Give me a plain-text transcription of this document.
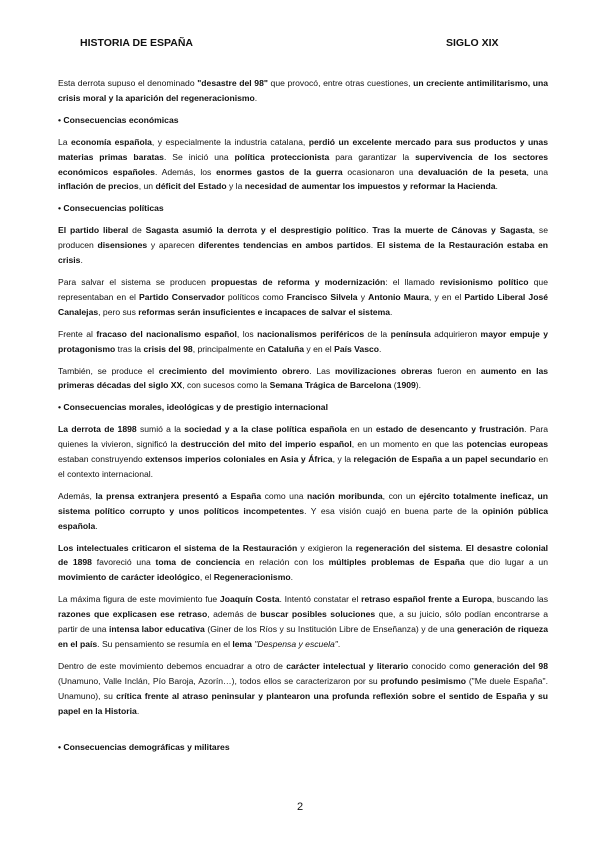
HISTORIA DE ESPAÑA	SIGLO XIX

Esta derrota supuso el denominado "desastre del 98" que provocó, entre otras cuestiones, un creciente antimilitarismo, una crisis moral y la aparición del regeneracionismo.

• Consecuencias económicas

La economía española, y especialmente la industria catalana, perdió un excelente mercado para sus productos y unas materias primas baratas. Se inició una política proteccionista para garantizar la supervivencia de los sectores económicos españoles. Además, los enormes gastos de la guerra ocasionaron una devaluación de la peseta, una inflación de precios, un déficit del Estado y la necesidad de aumentar los impuestos y reformar la Hacienda.

• Consecuencias políticas

El partido liberal de Sagasta asumió la derrota y el desprestigio político. Tras la muerte de Cánovas y Sagasta, se producen disensiones y aparecen diferentes tendencias en ambos partidos. El sistema de la Restauración estaba en crisis.

Para salvar el sistema se producen propuestas de reforma y modernización: el llamado revisionismo político que representaban en el Partido Conservador políticos como Francisco Silvela y Antonio Maura, y en el Partido Liberal José Canalejas, pero sus reformas serán insuficientes e incapaces de salvar el sistema.

Frente al fracaso del nacionalismo español, los nacionalismos periféricos de la península adquirieron mayor empuje y protagonismo tras la crisis del 98, principalmente en Cataluña y en el País Vasco.

También, se produce el crecimiento del movimiento obrero. Las movilizaciones obreras fueron en aumento en las primeras décadas del siglo XX, con sucesos como la Semana Trágica de Barcelona (1909).

• Consecuencias morales, ideológicas y de prestigio internacional

La derrota de 1898 sumió a la sociedad y a la clase política española en un estado de desencanto y frustración. Para quienes la vivieron, significó la destrucción del mito del imperio español, en un momento en que las potencias europeas estaban construyendo extensos imperios coloniales en Asia y África, y la relegación de España a un papel secundario en el contexto internacional.

Además, la prensa extranjera presentó a España como una nación moribunda, con un ejército totalmente ineficaz, un sistema político corrupto y unos políticos incompetentes. Y esa visión cuajó en buena parte de la opinión pública española.

Los intelectuales criticaron el sistema de la Restauración y exigieron la regeneración del sistema. El desastre colonial de 1898 favoreció una toma de conciencia en relación con los múltiples problemas de España que dio lugar a un movimiento de carácter ideológico, el Regeneracionismo.

La máxima figura de este movimiento fue Joaquín Costa. Intentó constatar el retraso español frente a Europa, buscando las razones que explicasen ese retraso, además de buscar posibles soluciones que, a su juicio, sólo podían encontrarse a partir de una intensa labor educativa (Giner de los Ríos y su Institución Libre de Enseñanza) y de una generación de riqueza en el país. Su pensamiento se resumía en el lema "Despensa y escuela".

Dentro de este movimiento debemos encuadrar a otro de carácter intelectual y literario conocido como generación del 98 (Unamuno, Valle Inclán, Pío Baroja, Azorín…), todos ellos se caracterizaron por su profundo pesimismo ("Me duele España". Unamuno), su crítica frente al atraso peninsular y plantearon una profunda reflexión sobre el sentido de España y su papel en la Historia.

• Consecuencias demográficas y militares
2
